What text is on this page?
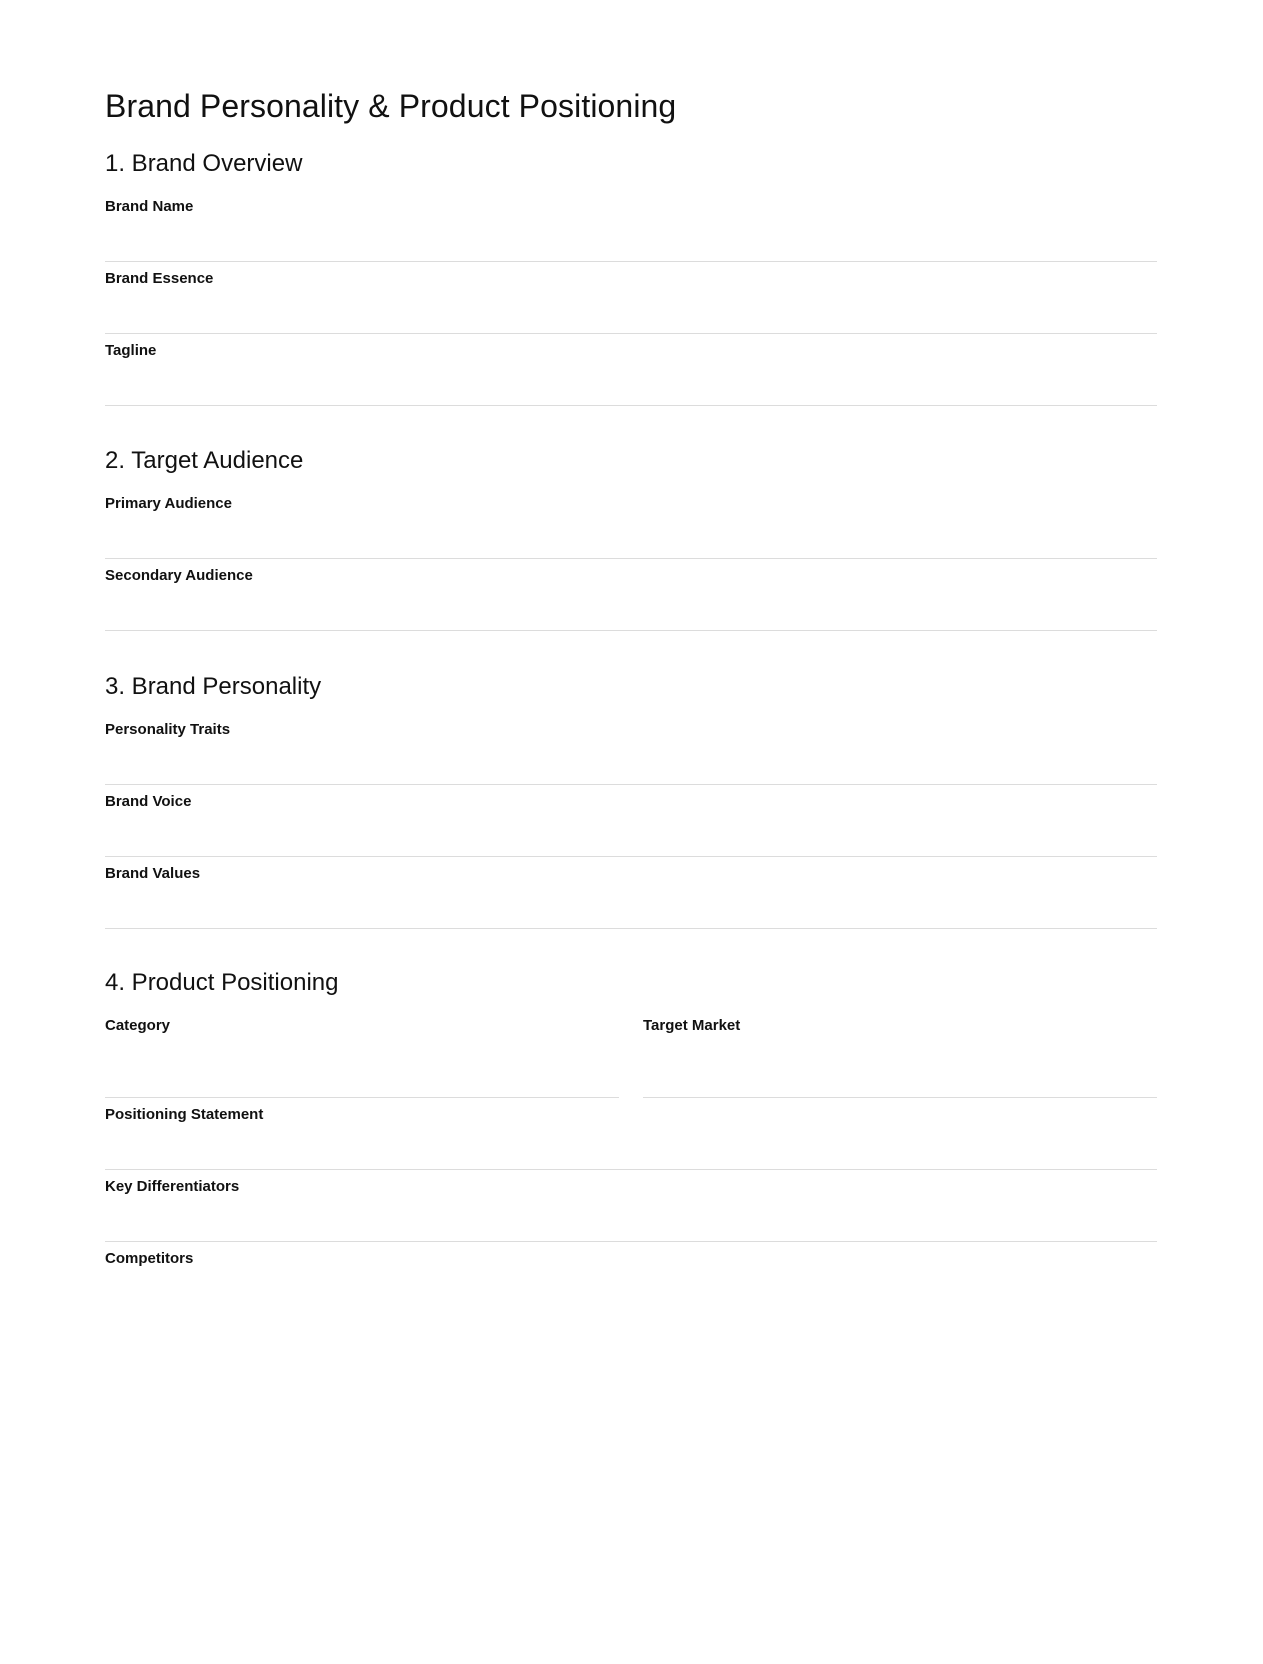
Brand Personality & Product Positioning
1. Brand Overview
Brand Name
Brand Essence
Tagline
2. Target Audience
Primary Audience
Secondary Audience
3. Brand Personality
Personality Traits
Brand Voice
Brand Values
4. Product Positioning
Category	Target Market
Positioning Statement
Key Differentiators
Competitors
